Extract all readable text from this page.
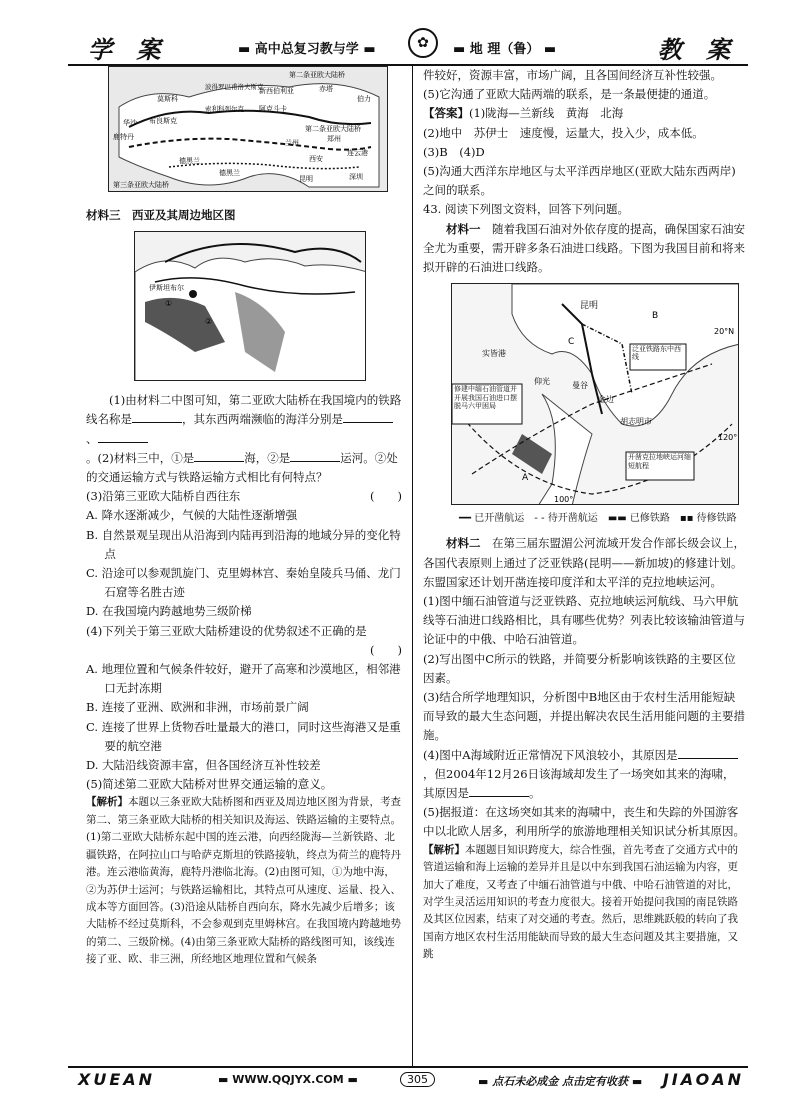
学 案	▬ 高中总复习教与学 ▬	✿	▬ 地 理（鲁） ▬	教 案
第二条亚欧大陆桥
波得罗巴甫洛夫斯克
新西伯利亚	赤塔
莫斯科
华沙 布良斯克
索利科列尔克 阿克斗卡
伯力
第二条亚欧大陆桥
鹿特丹
德黑兰
兰州	郑州
连云港
第三条亚欧大陆桥
德黑兰
西安
昆明	深圳

材料三　西亚及其周边地区图

伊斯坦布尔
①
②

(1)由材料二中图可知，第二亚欧大陆桥在我国境内的铁路线名称是	，其东西两端濒临的海洋分别是、

。(2)材料三中，①是	海，②是	运河。②处的交通运输方式与铁路运输方式相比有何特点？

(3)沿第三亚欧大陆桥自西往东	(　　)

A. 降水逐渐减少，气候的大陆性逐渐增强

B. 自然景观呈现出从沿海到内陆再到沿海的地域分异的变化特点

C. 沿途可以参观凯旋门、克里姆林宫、秦始皇陵兵马俑、龙门石窟等名胜古迹

D. 在我国境内跨越地势三级阶梯

(4)下列关于第三亚欧大陆桥建设的优势叙述不正确的是

(　　)

A. 地理位置和气候条件较好，避开了高寒和沙漠地区，相邻港口无封冻期

B. 连接了亚洲、欧洲和非洲，市场前景广阔

C. 连接了世界上货物吞吐量最大的港口，同时这些海港又是重要的航空港

D. 大陆沿线资源丰富，但各国经济互补性较差

(5)简述第二亚欧大陆桥对世界交通运输的意义。

【解析】本题以三条亚欧大陆桥图和西亚及周边地区图为背景，考查第二、第三条亚欧大陆桥的相关知识及海运、铁路运输的主要特点。(1)第二亚欧大陆桥东起中国的连云港，向西经陇海—兰新铁路、北疆铁路，在阿拉山口与哈萨克斯坦的铁路接轨，终点为荷兰的鹿特丹港。连云港临黄海，鹿特丹港临北海。(2)由图可知，①为地中海，②为苏伊士运河；与铁路运输相比，其特点可从速度、运量、投入、成本等方面回答。(3)沿途从陆桥自西向东，降水先减少后增多；该大陆桥不经过莫斯科，不会参观到克里姆林宫。在我国境内跨越地势的第二、三级阶梯。(4)由第三条亚欧大陆桥的路线图可知，该线连接了亚、欧、非三洲，所经地区地理位置和气候条

件较好，资源丰富，市场广阔，且各国间经济互补性较强。

(5)它沟通了亚欧大陆两端的联系，是一条最便捷的通道。

【答案】(1)陇海—兰新线　黄海　北海

(2)地中　苏伊士　速度慢，运量大，投入少，成本低。

(3)B　(4)D

(5)沟通大西洋东岸地区与太平洋西岸地区(亚欧大陆东西两岸)之间的联系。

43. 阅读下列图文资料，回答下列问题。

材料一　 随着我国石油对外依存度的提高，确保国家石油安全尤为重要，需开辟多条石油进口线路。下图为我国目前和将来拟开辟的石油进口线路。

昆明
B
C
20°N
120°
实皆港
仰光	曼谷
金边
胡志明市
A
100°
泛亚铁路东中西线
修建中缅石油管道并开展我国石油进口摆脱马六甲困局
开凿克拉地峡运河缩短航程
━━ 已开凿航运 - - 待开凿航运 ▬▬ 已修铁路 ▪▪ 待修铁路

材料二　 在第三届东盟湄公河流域开发合作部长级会议上，各国代表原则上通过了泛亚铁路(昆明——新加坡)的修建计划。东盟国家还计划开凿连接印度洋和太平洋的克拉地峡运河。

(1)图中缅石油管道与泛亚铁路、克拉地峡运河航线、马六甲航线等石油进口线路相比，具有哪些优势？列表比较该输油管道与论证中的中俄、中哈石油管道。

(2)写出图中C所示的铁路，并简要分析影响该铁路的主要区位因素。

(3)结合所学地理知识，分析图中B地区由于农村生活用能短缺而导致的最大生态问题，并提出解决农民生活用能问题的主要措施。

(4)图中A海域附近正常情况下风浪较小，其原因是，但2004年12月26日该海域却发生了一场突如其来的海啸，其原因是	。

(5)据报道：在这场突如其来的海啸中，丧生和失踪的外国游客中以北欧人居多，利用所学的旅游地理相关知识试分析其原因。

【解析】本题题目知识跨度大，综合性强，首先考查了交通方式中的管道运输和海上运输的差异并且是以中东到我国石油运输为内容，更加大了难度，又考查了中缅石油管道与中俄、中哈石油管道的对比，对学生灵活运用知识的考查力度很大。接着开始提问我国的南昆铁路及其区位因素，结束了对交通的考查。然后，思维跳跃般的转向了我国南方地区农村生活用能缺而导致的最大生态问题及其主要措施，又跳

XUEAN	▬ WWW.QQJYX.COM ▬	305	▬ 点石未必成金 点击定有收获 ▬ JIAOAN
